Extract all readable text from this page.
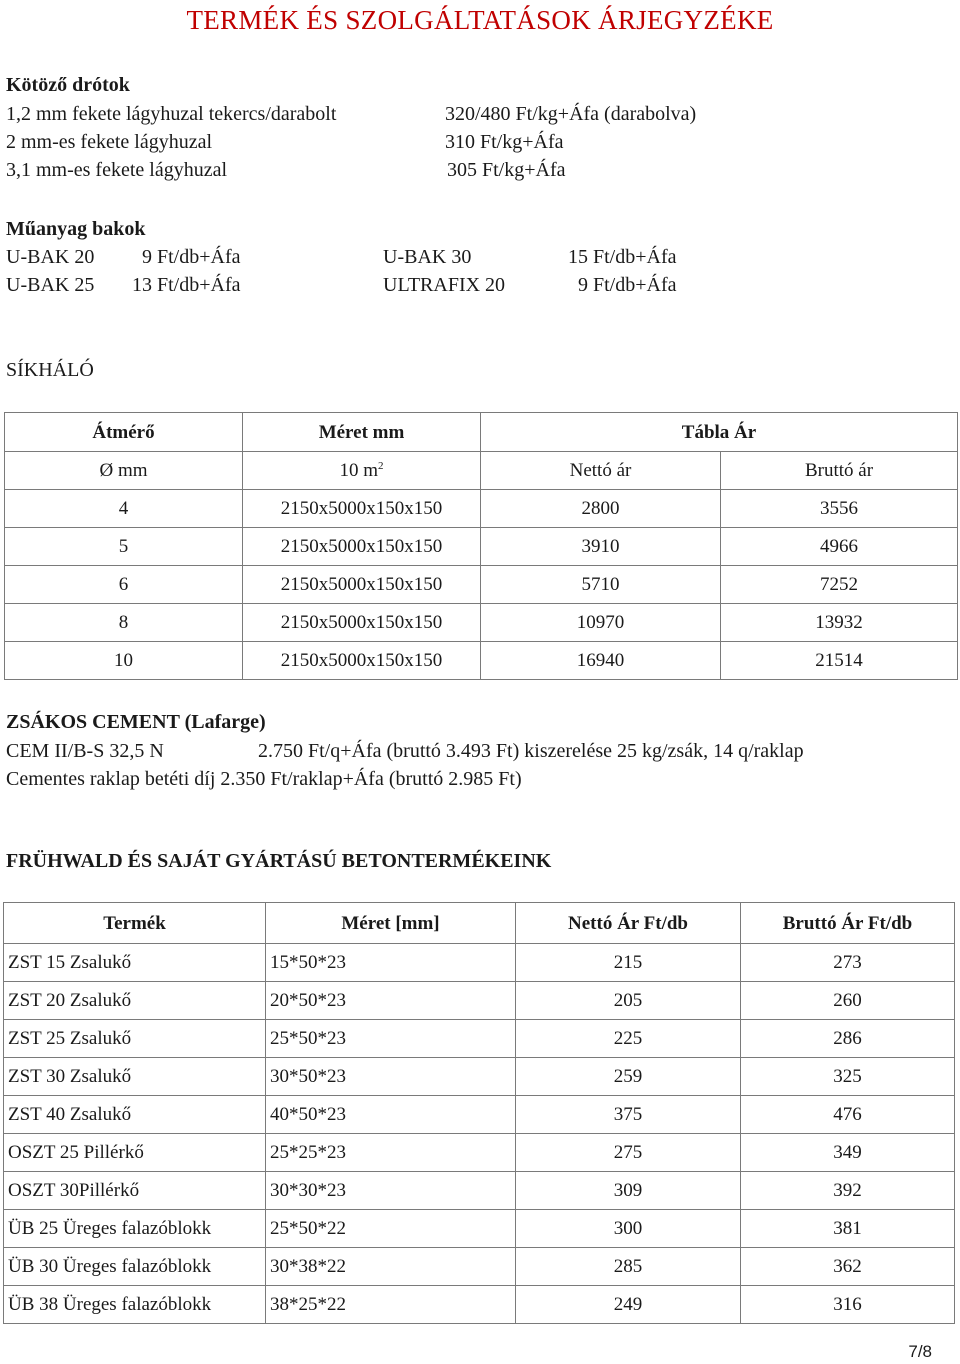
TERMÉK ÉS SZOLGÁLTATÁSOK ÁRJEGYZÉKE
Kötöző drótok
1,2 mm fekete lágyhuzal tekercs/darabolt	320/480 Ft/kg+Áfa (darabolva)
2 mm-es fekete lágyhuzal	310 Ft/kg+Áfa
3,1 mm-es fekete lágyhuzal	305 Ft/kg+Áfa
Műanyag bakok
U-BAK 20 9 Ft/db+Áfa	U-BAK 30	15 Ft/db+Áfa
U-BAK 25 13 Ft/db+Áfa	ULTRAFIX 20	9 Ft/db+Áfa
SÍKHÁLÓ
Átmérő	Méret mm	Tábla Ár	
Ø mm	10 $m^2$	Nettó ár	Bruttó ár
4	2150x5000x150x150	2800	3556
5	2150x5000x150x150	3910	4966
6	2150x5000x150x150	5710	7252
8	2150x5000x150x150	10970	13932
10	2150x5000x150x150	16940	21514
ZSÁKOS CEMENT (Lafarge)
CEM II/B-S 32,5 N	2.750 Ft/q+Áfa (bruttó 3.493 Ft) kiszerelése 25 kg/zsák, 14 q/raklap
Cementes raklap betéti díj 2.350 Ft/raklap+Áfa (bruttó 2.985 Ft)
FRÜHWALD ÉS SAJÁT GYÁRTÁSÚ BETONTERMÉKEINK
Termék	Méret [mm]	Nettó Ár Ft/db	Bruttó Ár Ft/db
ZST 15 Zsalukő	15*50*23	215	273
ZST 20 Zsalukő	20*50*23	205	260
ZST 25 Zsalukő	25*50*23	225	286
ZST 30 Zsalukő	30*50*23	259	325
ZST 40 Zsalukő	40*50*23	375	476
OSZT 25 Pillérkő	25*25*23	275	349
OSZT 30Pillérkő	30*30*23	309	392
ÜB 25 Üreges falazóblokk	25*50*22	300	381
ÜB 30 Üreges falazóblokk	30*38*22	285	362
ÜB 38 Üreges falazóblokk	38*25*22	249	316
7/8
